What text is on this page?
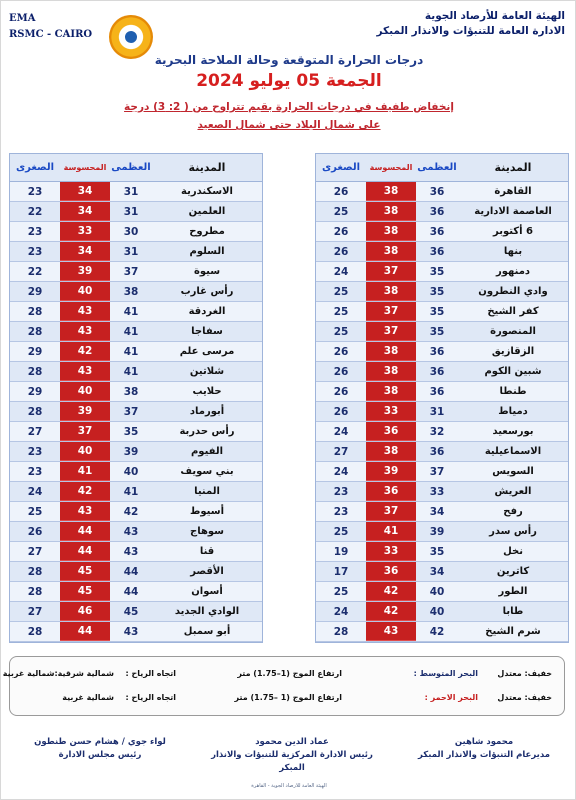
EMA
RSMC - CAIRO
الهيئة العامة للأرصاد الجوية
الادارة العامة للتنبؤات والانذار المبكر
درجات الحرارة المتوقعة وحالة الملاحة البحرية
الجمعة 05 يوليو 2024
إنخفاض طفيف في درجات الحرارة بقيم تتراوح من ( 2: 3) درجة
على شمال البلاد حتى شمال الصعيد
الصغرى	المحسوسة العظمى	المدينة
26	38	36	القاهرة
25	38	36	العاصمة الادارية
26	38	36	6 أكتوبر
26	38	36	بنها
24	37	35	دمنهور
25	38	35	وادي النطرون
25	37	35	كفر الشيخ
25	37	35	المنصورة
26	38	36	الزقازيق
26	38	36	شبين الكوم
26	38	36	طنطا
26	33	31	دمياط
24	36	32	بورسعيد
27	38	36	الاسماعيلية
24	39	37	السويس
23	36	33	العريش
23	37	34	رفح
25	41	39	رأس سدر
19	33	35	نخل
17	36	34	كاترين
25	42	40	الطور
24	42	40	طابا
28	43	42	شرم الشيخ
الصغرى	المحسوسة العظمى	المدينة
23	34	31	الاسكندرية
22	34	31	العلمين
23	33	30	مطروح
23	34	31	السلوم
22	39	37	سيوة
29	40	38	رأس غارب
28	43	41	الغردقة
28	43	41	سفاجا
29	42	41	مرسى علم
28	43	41	شلاتين
29	40	38	حلايب
28	39	37	أبورماد
27	37	35	رأس حدربة
23	40	39	الفيوم
23	41	40	بني سويف
24	42	41	المنيا
25	43	42	أسيوط
26	44	43	سوهاج
27	44	43	قنا
28	45	44	الأقصر
28	45	44	أسوان
27	46	45	الوادي الجديد
28	44	43	أبو سمبل
البحر المتوسط : خفيف: معتدل
ارتفاع الموج (1–1.75) متر
اتجاه الرياح :
شمالية شرقية:شمالية غربية
البحر الاحمر : خفيف: معتدل
ارتفاع الموج (1 –1.75) متر
اتجاه الرياح :
شمالية غربية
محمود شاهين
مديرعام التنبؤات والانذار المبكر
عماد الدين محمود
رئيس الادارة المركزية للتنبؤات والانذار المبكر
لواء جوي / هشام حسن طنطون
رئيس مجلس الادارة
الهيئة العامة للأرصاد الجوية - القاهرة
